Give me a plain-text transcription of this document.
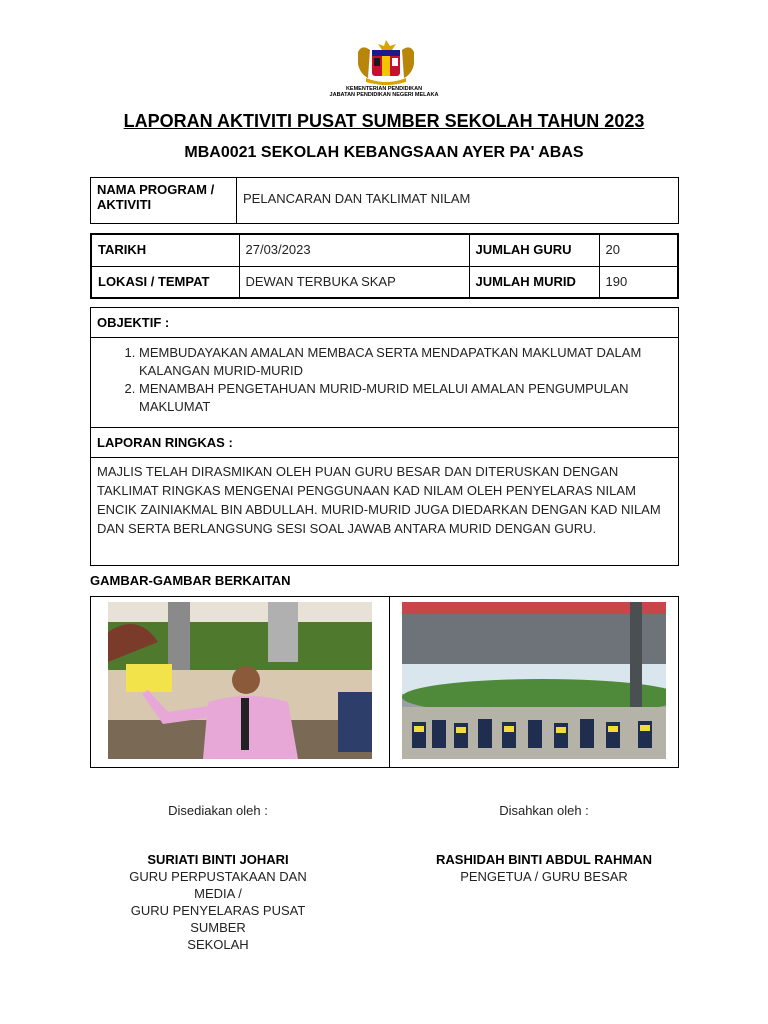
KEMENTERIAN PENDIDIKAN
JABATAN PENDIDIKAN NEGERI MELAKA
LAPORAN AKTIVITI PUSAT SUMBER SEKOLAH TAHUN 2023
MBA0021 SEKOLAH KEBANGSAAN AYER PA' ABAS
NAMA PROGRAM / AKTIVITI	PELANCARAN DAN TAKLIMAT NILAM
TARIKH	27/03/2023	JUMLAH GURU	20
LOKASI / TEMPAT	DEWAN TERBUKA SKAP	JUMLAH MURID	190
OBJEKTIF :

1. MEMBUDAYAKAN AMALAN MEMBACA SERTA MENDAPATKAN MAKLUMAT DALAM KALANGAN MURID-MURID
2. MENAMBAH PENGETAHUAN MURID-MURID MELALUI AMALAN PENGUMPULAN MAKLUMAT

LAPORAN RINGKAS :
MAJLIS TELAH DIRASMIKAN OLEH PUAN GURU BESAR DAN DITERUSKAN DENGAN TAKLIMAT RINGKAS MENGENAI PENGGUNAAN KAD NILAM OLEH PENYELARAS NILAM ENCIK ZAINIAKMAL BIN ABDULLAH. MURID-MURID JUGA DIEDARKAN DENGAN KAD NILAM DAN SERTA BERLANGSUNG SESI SOAL JAWAB ANTARA MURID DENGAN GURU.
GAMBAR-GAMBAR BERKAITAN
Disediakan oleh :
SURIATI BINTI JOHARI
GURU PERPUSTAKAAN DAN MEDIA /
GURU PENYELARAS PUSAT SUMBER
SEKOLAH
Disahkan oleh :
RASHIDAH BINTI ABDUL RAHMAN
PENGETUA / GURU BESAR
